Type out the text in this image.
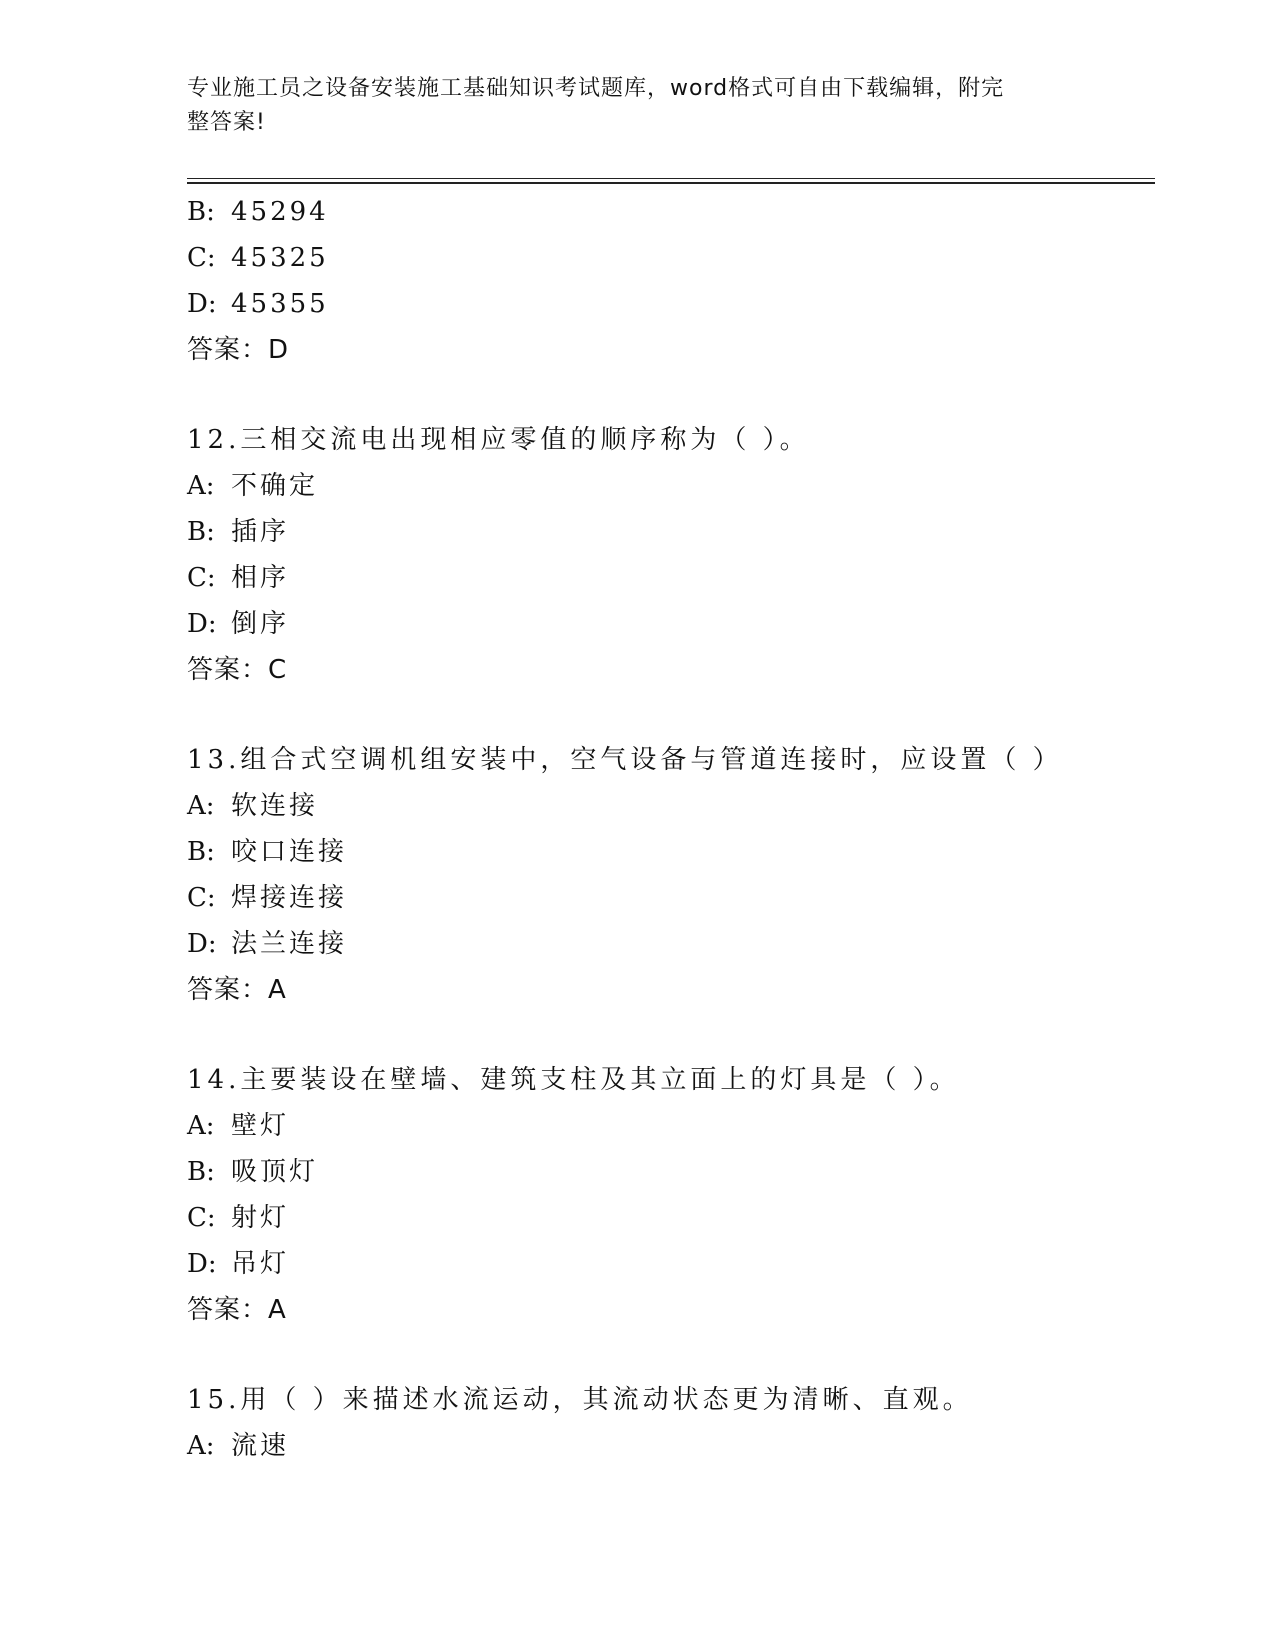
专业施工员之设备安装施工基础知识考试题库，word格式可自由下载编辑，附完
整答案!
B: 45294
C: 45325
D: 45355
答案：D
12.三相交流电出现相应零值的顺序称为（ ）。
A: 不确定
B: 插序
C: 相序
D: 倒序
答案：C
13.组合式空调机组安装中，空气设备与管道连接时，应设置（ ）
A: 软连接
B: 咬口连接
C: 焊接连接
D: 法兰连接
答案：A
14.主要装设在壁墙、建筑支柱及其立面上的灯具是（ ）。
A: 壁灯
B: 吸顶灯
C: 射灯
D: 吊灯
答案：A
15.用（ ）来描述水流运动，其流动状态更为清晰、直观。
A: 流速
